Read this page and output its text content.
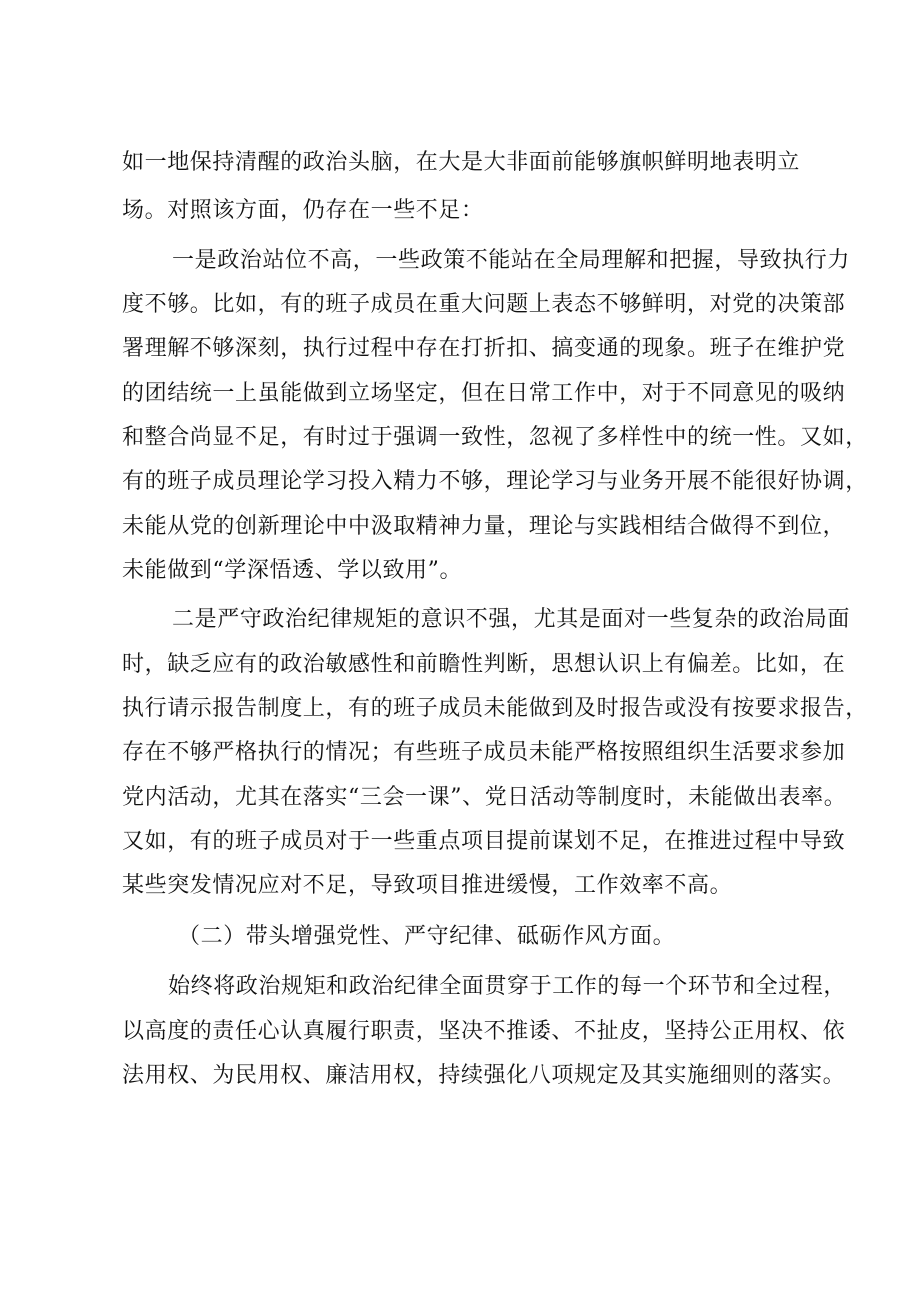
如一地保持清醒的政治头脑，在大是大非面前能够旗帜鲜明地表明立
场。对照该方面，仍存在一些不足：
一是政治站位不高，一些政策不能站在全局理解和把握，导致执行力
度不够。比如，有的班子成员在重大问题上表态不够鲜明，对党的决策部
署理解不够深刻，执行过程中存在打折扣、搞变通的现象。班子在维护党
的团结统一上虽能做到立场坚定，但在日常工作中，对于不同意见的吸纳
和整合尚显不足，有时过于强调一致性，忽视了多样性中的统一性。又如，
有的班子成员理论学习投入精力不够，理论学习与业务开展不能很好协调，
未能从党的创新理论中中汲取精神力量，理论与实践相结合做得不到位，
未能做到“学深悟透、学以致用”。
二是严守政治纪律规矩的意识不强，尤其是面对一些复杂的政治局面
时，缺乏应有的政治敏感性和前瞻性判断，思想认识上有偏差。比如，在
执行请示报告制度上，有的班子成员未能做到及时报告或没有按要求报告，
存在不够严格执行的情况；有些班子成员未能严格按照组织生活要求参加
党内活动，尤其在落实“三会一课”、党日活动等制度时，未能做出表率。
又如，有的班子成员对于一些重点项目提前谋划不足，在推进过程中导致
某些突发情况应对不足，导致项目推进缓慢，工作效率不高。
（二）带头增强党性、严守纪律、砥砺作风方面。
始终将政治规矩和政治纪律全面贯穿于工作的每一个环节和全过程，
以高度的责任心认真履行职责，坚决不推诿、不扯皮，坚持公正用权、依
法用权、为民用权、廉洁用权，持续强化八项规定及其实施细则的落实。
